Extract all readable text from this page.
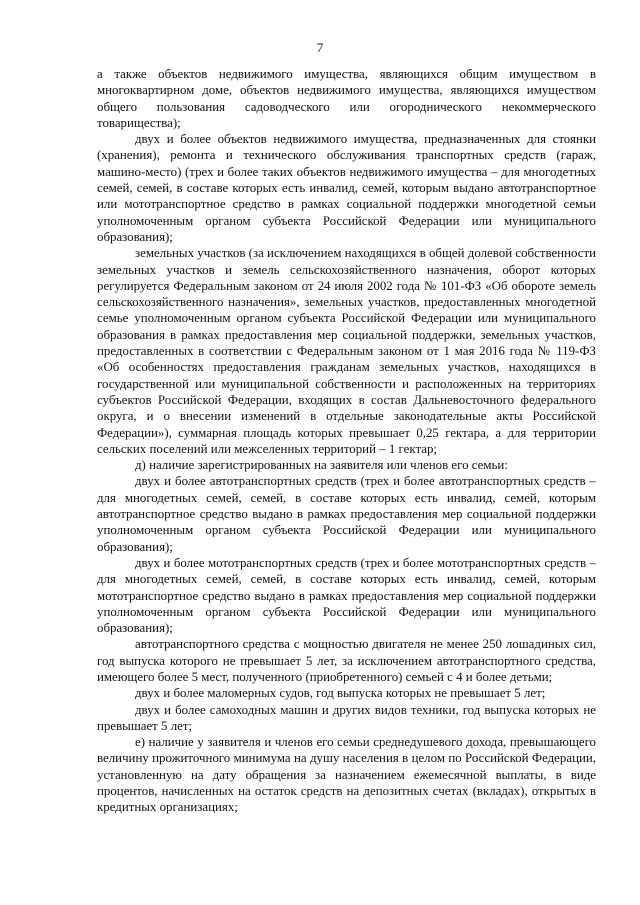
7

а также объектов недвижимого имущества, являющихся общим имуществом в многоквартирном доме, объектов недвижимого имущества, являющихся имуществом общего пользования садоводческого или огороднического некоммерческого товарищества);

двух и более объектов недвижимого имущества, предназначенных для стоянки (хранения), ремонта и технического обслуживания транспортных средств (гараж, машино-место) (трех и более таких объектов недвижимого имущества – для многодетных семей, семей, в составе которых есть инвалид, семей, которым выдано автотранспортное или мототранспортное средство в рамках социальной поддержки многодетной семьи уполномоченным органом субъекта Российской Федерации или муниципального образования);

земельных участков (за исключением находящихся в общей долевой собственности земельных участков и земель сельскохозяйственного назначения, оборот которых регулируется Федеральным законом от 24 июля 2002 года № 101-ФЗ «Об обороте земель сельскохозяйственного назначения», земельных участков, предоставленных многодетной семье уполномоченным органом субъекта Российской Федерации или муниципального образования в рамках предоставления мер социальной поддержки, земельных участков, предоставленных в соответствии с Федеральным законом от 1 мая 2016 года № 119-ФЗ «Об особенностях предоставления гражданам земельных участков, находящихся в государственной или муниципальной собственности и расположенных на территориях субъектов Российской Федерации, входящих в состав Дальневосточного федерального округа, и о внесении изменений в отдельные законодательные акты Российской Федерации»), суммарная площадь которых превышает 0,25 гектара, а для территории сельских поселений или межселенных территорий – 1 гектар;

д) наличие зарегистрированных на заявителя или членов его семьи:

двух и более автотранспортных средств (трех и более автотранспортных средств – для многодетных семей, семей, в составе которых есть инвалид, семей, которым автотранспортное средство выдано в рамках предоставления мер социальной поддержки уполномоченным органом субъекта Российской Федерации или муниципального образования);

двух и более мототранспортных средств (трех и более мототранспортных средств – для многодетных семей, семей, в составе которых есть инвалид, семей, которым мототранспортное средство выдано в рамках предоставления мер социальной поддержки уполномоченным органом субъекта Российской Федерации или муниципального образования);

автотранспортного средства с мощностью двигателя не менее 250 лошадиных сил, год выпуска которого не превышает 5 лет, за исключением автотранспортного средства, имеющего более 5 мест, полученного (приобретенного) семьей с 4 и более детьми;

двух и более маломерных судов, год выпуска которых не превышает 5 лет;

двух и более самоходных машин и других видов техники, год выпуска которых не превышает 5 лет;

е) наличие у заявителя и членов его семьи среднедушевого дохода, превышающего величину прожиточного минимума на душу населения в целом по Российской Федерации, установленную на дату обращения за назначением ежемесячной выплаты, в виде процентов, начисленных на остаток средств на депозитных счетах (вкладах), открытых в кредитных организациях;
